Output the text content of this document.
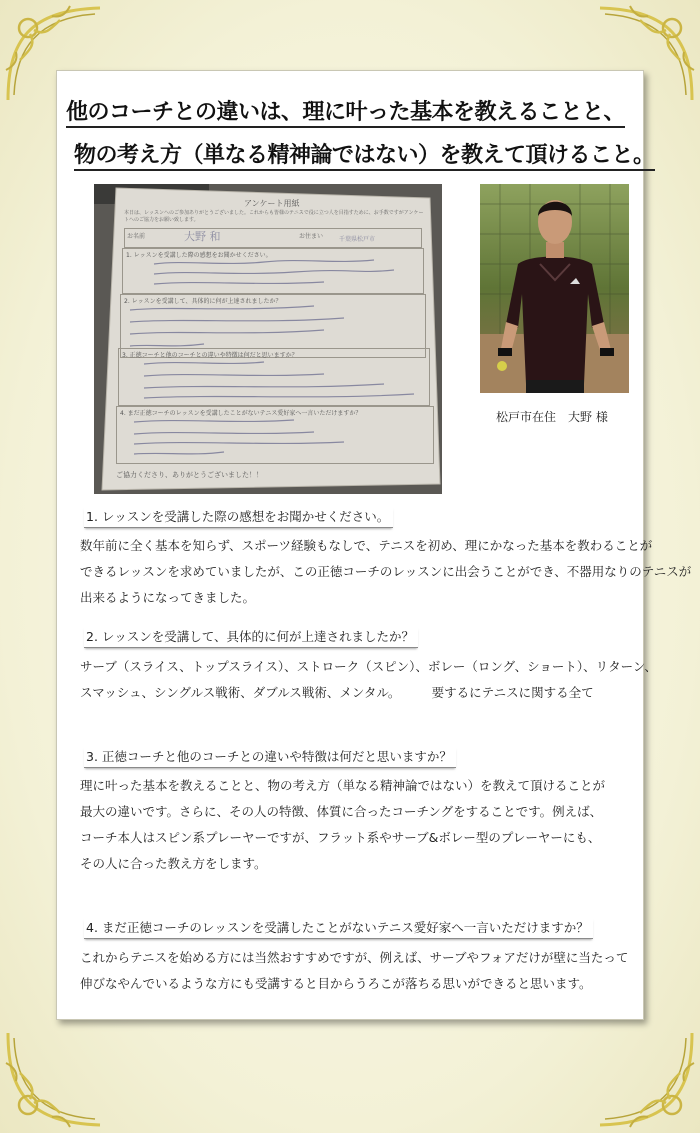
他のコーチとの違いは、理に叶った基本を教えることと、
物の考え方（単なる精神論ではない）を教えて頂けること。
アンケート用紙
本日は、レッスンへのご参加ありがとうございました。これからも皆様のテニスで役に立つ人を目指すために、お手数ですがアンケートへのご協力をお願い致します。
お名前	大野 和	お住まい	千葉県松戸市
1. レッスンを受講した際の感想をお聞かせください。
2. レッスンを受講して、具体的に何が上達されましたか？
3. 正徳コーチと他のコーチとの違いや特徴は何だと思いますか？
4. まだ正徳コーチのレッスンを受講したことがないテニス愛好家へ一言いただけますか？
ご協力くださり、ありがとうございました！！
松戸市在住　大野 様
1. レッスンを受講した際の感想をお聞かせください。
数年前に全く基本を知らず、スポーツ経験もなしで、テニスを初め、理にかなった基本を教わることが
できるレッスンを求めていましたが、この正徳コーチのレッスンに出会うことができ、不器用なりのテニスが
出来るようになってきました。
2. レッスンを受講して、具体的に何が上達されましたか？
サーブ（スライス、トップスライス）、ストローク（スピン）、ボレー（ロング、ショート）、リターン、
スマッシュ、シングルス戦術、ダブルス戦術、メンタル。　　　要するにテニスに関する全て
3. 正徳コーチと他のコーチとの違いや特徴は何だと思いますか？
理に叶った基本を教えることと、物の考え方（単なる精神論ではない）を教えて頂けることが
最大の違いです。さらに、その人の特徴、体質に合ったコーチングをすることです。例えば、
コーチ本人はスピン系プレーヤーですが、フラット系やサーブ&ボレー型のプレーヤーにも、
その人に合った教え方をします。
4. まだ正徳コーチのレッスンを受講したことがないテニス愛好家へ一言いただけますか？
これからテニスを始める方には当然おすすめですが、例えば、サーブやフォアだけが壁に当たって
伸びなやんでいるような方にも受講すると目からうろこが落ちる思いができると思います。
